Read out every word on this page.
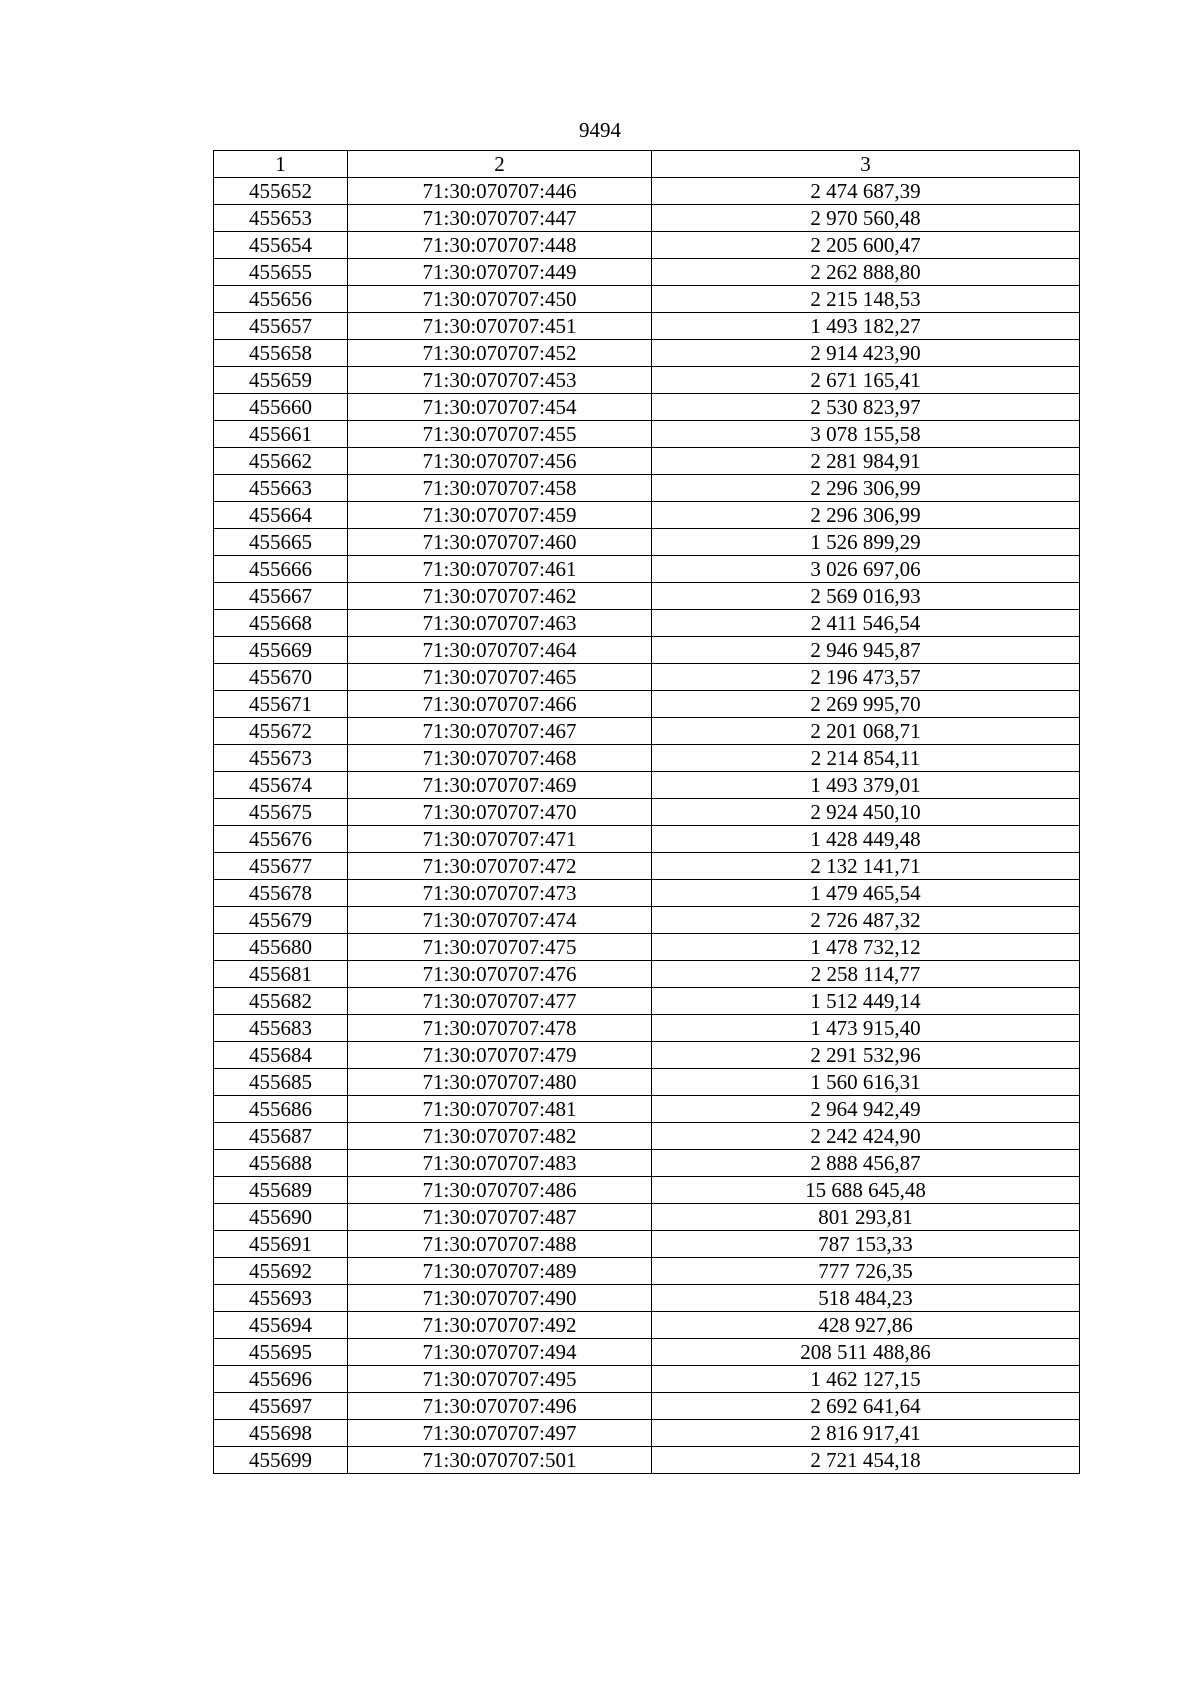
9494
1	2	3
455652	71:30:070707:446	2 474 687,39
455653	71:30:070707:447	2 970 560,48
455654	71:30:070707:448	2 205 600,47
455655	71:30:070707:449	2 262 888,80
455656	71:30:070707:450	2 215 148,53
455657	71:30:070707:451	1 493 182,27
455658	71:30:070707:452	2 914 423,90
455659	71:30:070707:453	2 671 165,41
455660	71:30:070707:454	2 530 823,97
455661	71:30:070707:455	3 078 155,58
455662	71:30:070707:456	2 281 984,91
455663	71:30:070707:458	2 296 306,99
455664	71:30:070707:459	2 296 306,99
455665	71:30:070707:460	1 526 899,29
455666	71:30:070707:461	3 026 697,06
455667	71:30:070707:462	2 569 016,93
455668	71:30:070707:463	2 411 546,54
455669	71:30:070707:464	2 946 945,87
455670	71:30:070707:465	2 196 473,57
455671	71:30:070707:466	2 269 995,70
455672	71:30:070707:467	2 201 068,71
455673	71:30:070707:468	2 214 854,11
455674	71:30:070707:469	1 493 379,01
455675	71:30:070707:470	2 924 450,10
455676	71:30:070707:471	1 428 449,48
455677	71:30:070707:472	2 132 141,71
455678	71:30:070707:473	1 479 465,54
455679	71:30:070707:474	2 726 487,32
455680	71:30:070707:475	1 478 732,12
455681	71:30:070707:476	2 258 114,77
455682	71:30:070707:477	1 512 449,14
455683	71:30:070707:478	1 473 915,40
455684	71:30:070707:479	2 291 532,96
455685	71:30:070707:480	1 560 616,31
455686	71:30:070707:481	2 964 942,49
455687	71:30:070707:482	2 242 424,90
455688	71:30:070707:483	2 888 456,87
455689	71:30:070707:486	15 688 645,48
455690	71:30:070707:487	801 293,81
455691	71:30:070707:488	787 153,33
455692	71:30:070707:489	777 726,35
455693	71:30:070707:490	518 484,23
455694	71:30:070707:492	428 927,86
455695	71:30:070707:494	208 511 488,86
455696	71:30:070707:495	1 462 127,15
455697	71:30:070707:496	2 692 641,64
455698	71:30:070707:497	2 816 917,41
455699	71:30:070707:501	2 721 454,18
